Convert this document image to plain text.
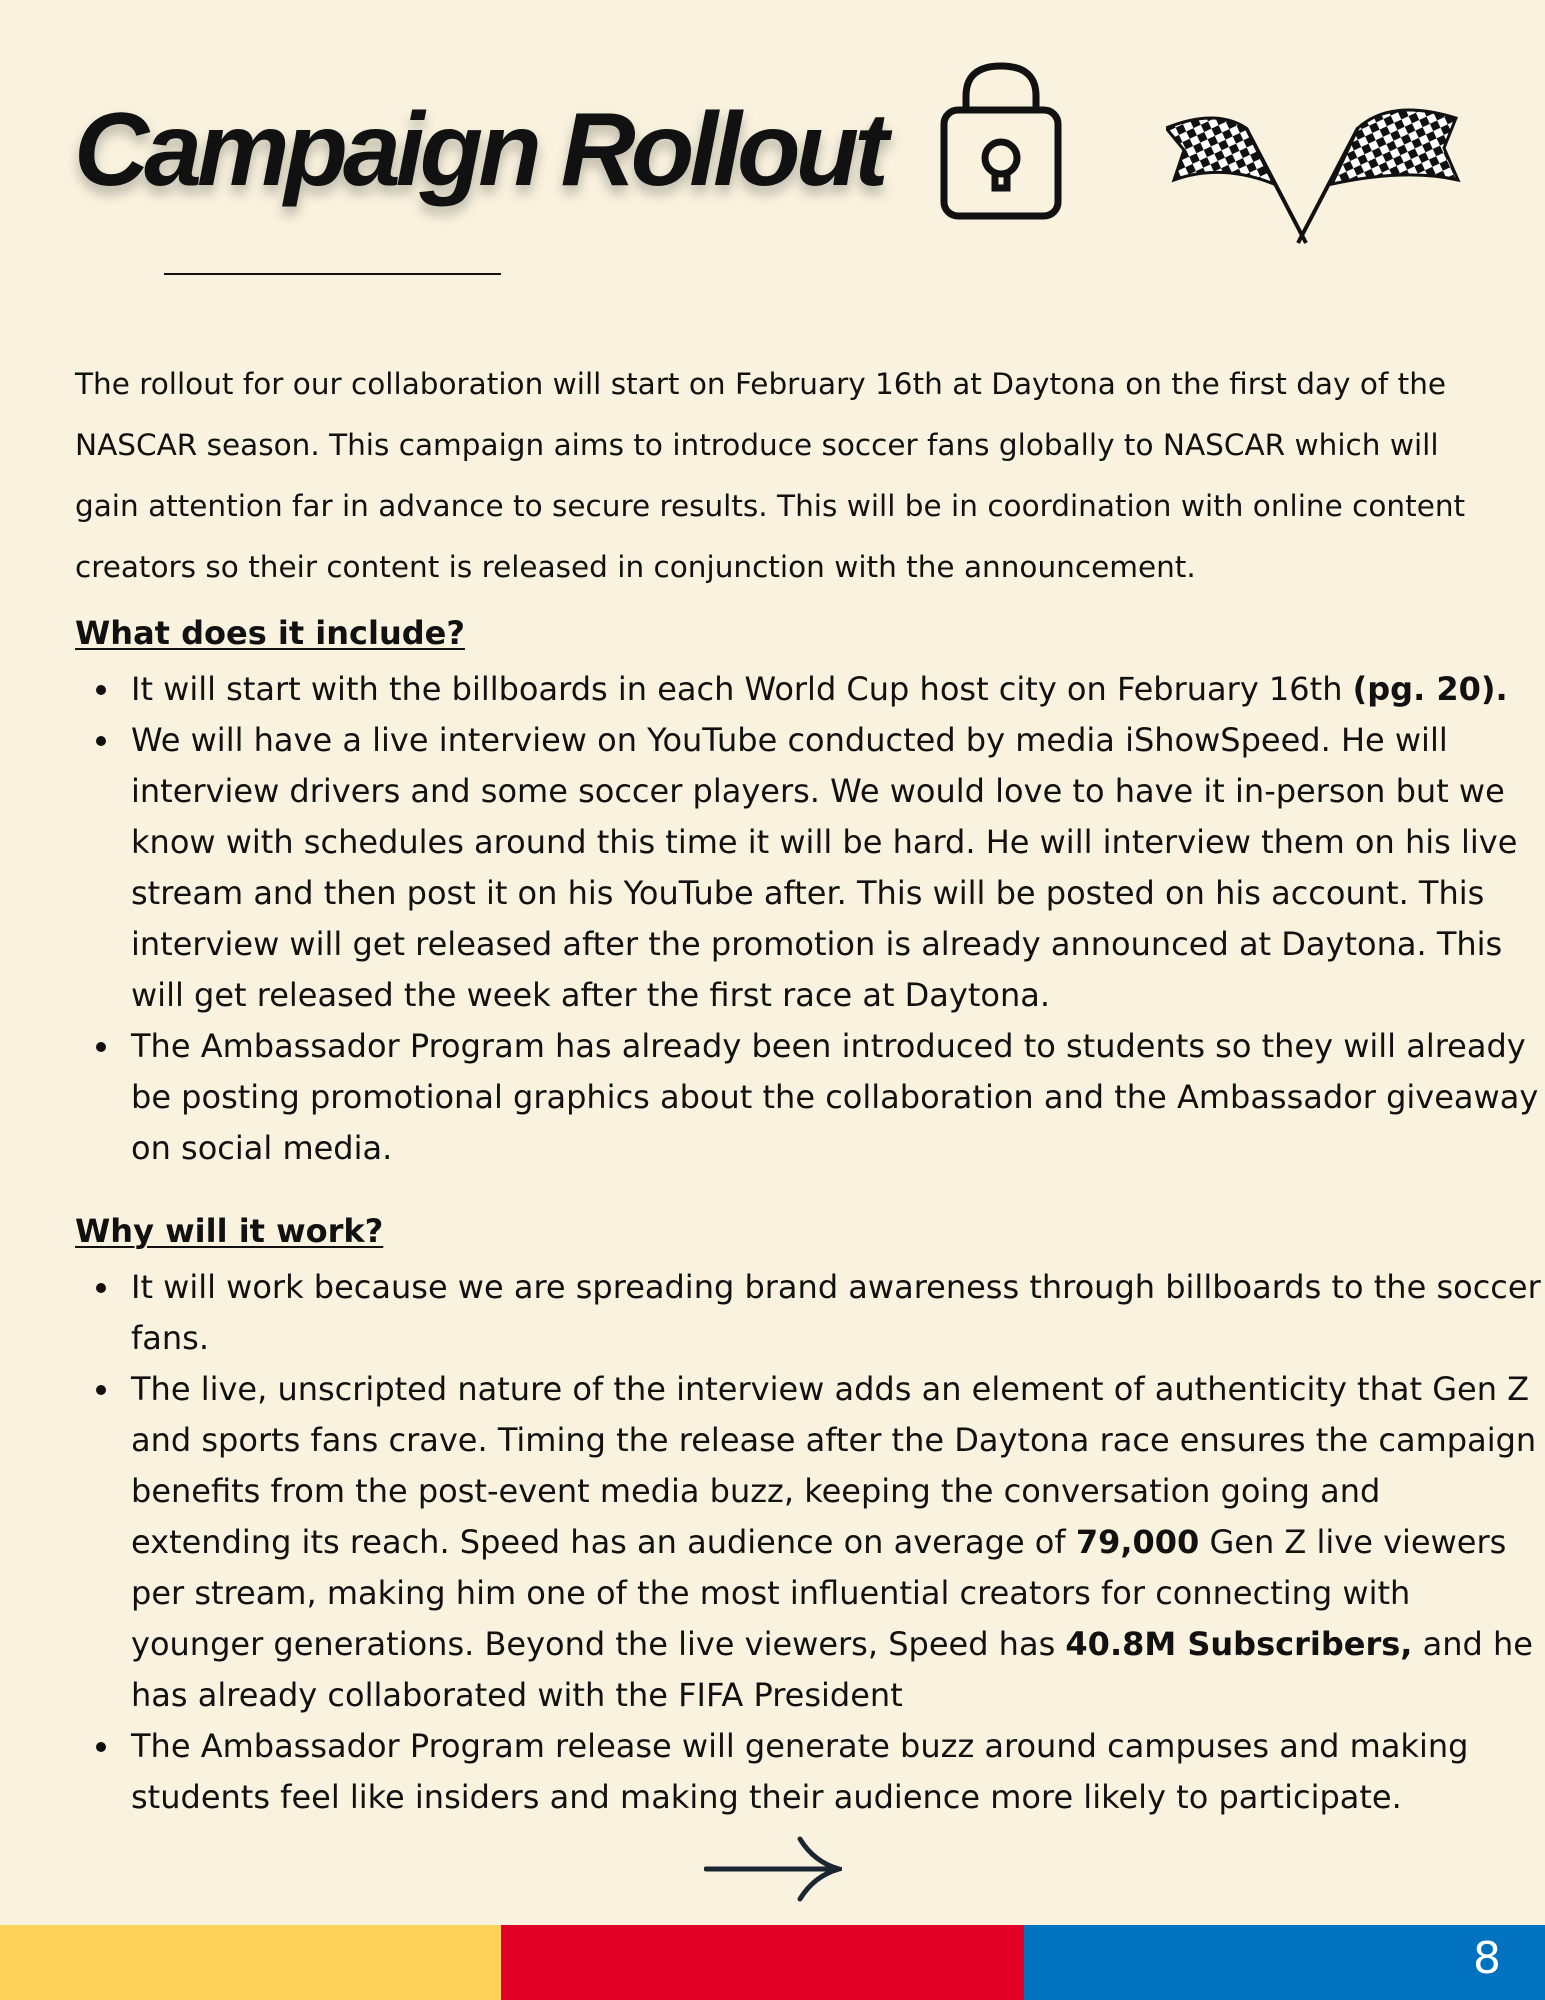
Campaign Rollout

The rollout for our collaboration will start on February 16th at Daytona on the first day of the NASCAR season. This campaign aims to introduce soccer fans globally to NASCAR which will gain attention far in advance to secure results. This will be in coordination with online content creators so their content is released in conjunction with the announcement.

What does it include?
It will start with the billboards in each World Cup host city on February 16th (pg. 20).
We will have a live interview on YouTube conducted by media iShowSpeed. He will interview drivers and some soccer players. We would love to have it in-person but we know with schedules around this time it will be hard. He will interview them on his live stream and then post it on his YouTube after. This will be posted on his account. This interview will get released after the promotion is already announced at Daytona. This will get released the week after the first race at Daytona.
The Ambassador Program has already been introduced to students so they will already be posting promotional graphics about the collaboration and the Ambassador giveaway on social media.
Why will it work?
It will work because we are spreading brand awareness through billboards to the soccer fans.
The live, unscripted nature of the interview adds an element of authenticity that Gen Z and sports fans crave. Timing the release after the Daytona race ensures the campaign benefits from the post-event media buzz, keeping the conversation going and extending its reach. Speed has an audience on average of 79,000 Gen Z live viewers per stream, making him one of the most influential creators for connecting with younger generations. Beyond the live viewers, Speed has 40.8M Subscribers, and he has already collaborated with the FIFA President
The Ambassador Program release will generate buzz around campuses and making students feel like insiders and making their audience more likely to participate.
8
